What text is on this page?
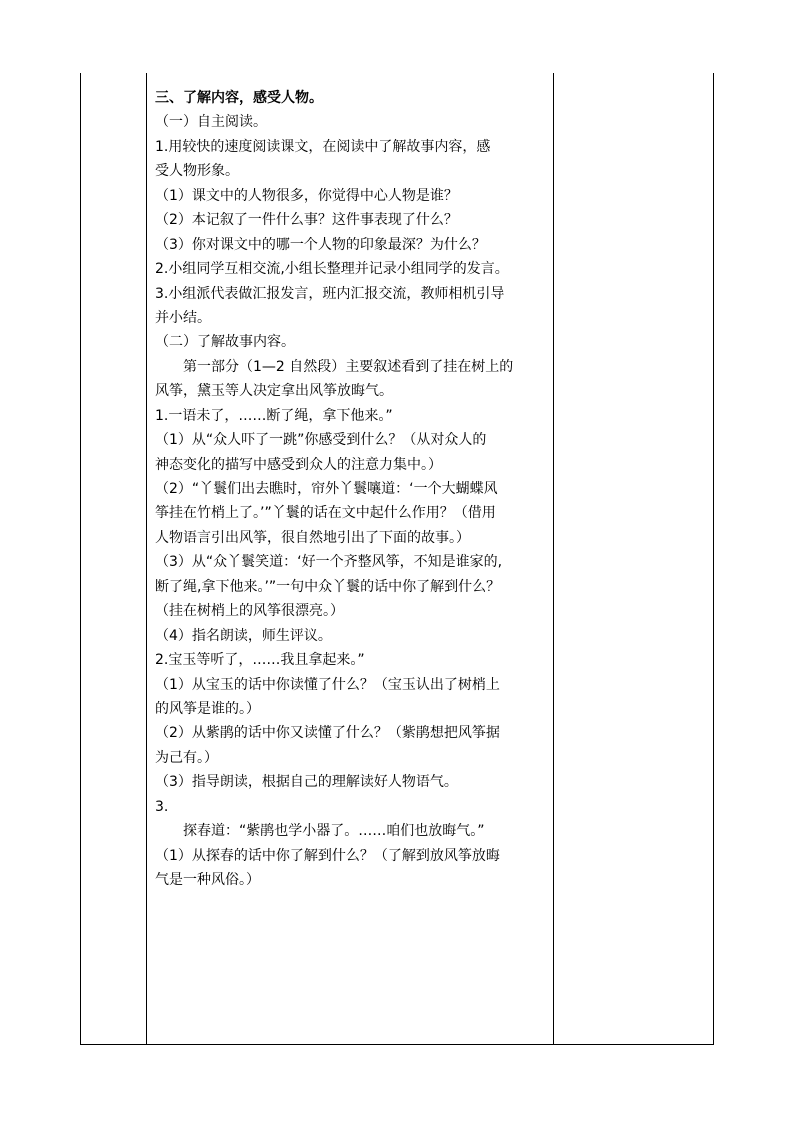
三、了解内容，感受人物。
（一）自主阅读。
1.用较快的速度阅读课文，在阅读中了解故事内容，感
受人物形象。
（1）课文中的人物很多，你觉得中心人物是谁？
（2）本记叙了一件什么事？这件事表现了什么？
（3）你对课文中的哪一个人物的印象最深？为什么？
2.小组同学互相交流,小组长整理并记录小组同学的发言。
3.小组派代表做汇报发言，班内汇报交流，教师相机引导
并小结。
（二）了解故事内容。
第一部分（1—2 自然段）主要叙述看到了挂在树上的
风筝，黛玉等人决定拿出风筝放晦气。
1.一语未了，……断了绳，拿下他来。”
（1）从“众人吓了一跳”你感受到什么？（从对众人的
神态变化的描写中感受到众人的注意力集中。）
（2）“丫鬟们出去瞧时，帘外丫鬟嚷道：‘一个大蝴蝶风
筝挂在竹梢上了。’”丫鬟的话在文中起什么作用？（借用
人物语言引出风筝，很自然地引出了下面的故事。）
（3）从“众丫鬟笑道：‘好一个齐整风筝，不知是谁家的,
断了绳,拿下他来。’”一句中众丫鬟的话中你了解到什么？
（挂在树梢上的风筝很漂亮。）
（4）指名朗读，师生评议。
2.宝玉等听了，……我且拿起来。”
（1）从宝玉的话中你读懂了什么？（宝玉认出了树梢上
的风筝是谁的。）
（2）从紫鹃的话中你又读懂了什么？（紫鹃想把风筝据
为己有。）
（3）指导朗读，根据自己的理解读好人物语气。
3.
探春道：“紫鹃也学小器了。……咱们也放晦气。”
（1）从探春的话中你了解到什么？（了解到放风筝放晦
气是一种风俗。）
